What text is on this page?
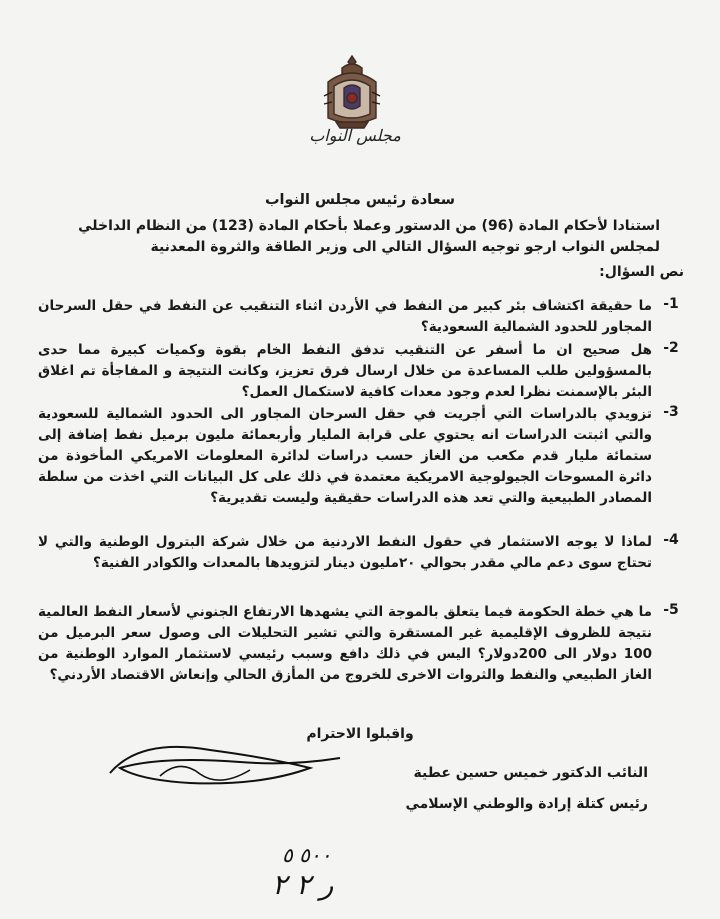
مجلس النواب
سعادة رئيس مجلس النواب
استنادا لأحكام المادة (96) من الدستور وعملا بأحكام المادة (123) من النظام الداخلي لمجلس النواب ارجو توجيه السؤال التالي الى وزير الطاقة والثروة المعدنية
نص السؤال:
-1
ما حقيقة اكتشاف بئر كبير من النفط في الأردن اثناء التنقيب عن النفط في حقل السرحان المجاور للحدود الشمالية السعودية؟
-2
هل صحيح ان ما أسفر عن التنقيب تدفق النفط الخام بقوة وكميات كبيرة مما حدى بالمسؤولين طلب المساعدة من خلال ارسال فرق تعزيز، وكانت النتيجة و المفاجأة تم اغلاق البئر بالإسمنت نظرا لعدم وجود معدات كافية لاستكمال العمل؟
-3
تزويدي بالدراسات التي أجريت في حقل السرحان المجاور الى الحدود الشمالية للسعودية والتي اثبتت الدراسات انه يحتوي على قرابة المليار وأربعمائة مليون برميل نفط إضافة إلى ستمائة مليار قدم مكعب من الغاز حسب دراسات لدائرة المعلومات الامريكي المأخوذة من دائرة المسوحات الجيولوجية الامريكية معتمدة في ذلك على كل البيانات التي اخذت من سلطة المصادر الطبيعية والتي تعد هذه الدراسات حقيقية وليست تقديرية؟
-4
لماذا لا يوجه الاستثمار في حقول النفط الاردنية من خلال شركة البترول الوطنية والتي لا تحتاج سوى دعم مالي مقدر بحوالي ٢٠مليون دينار لتزويدها بالمعدات والكوادر الفنية؟
-5
ما هي خطة الحكومة فيما يتعلق بالموجة التي يشهدها الارتفاع الجنوني لأسعار النفط العالمية نتيجة للظروف الإقليمية غير المستقرة والتي تشير التحليلات الى وصول سعر البرميل من 100 دولار الى 200دولار؟ اليس في ذلك دافع وسبب رئيسي لاستثمار الموارد الوطنية من الغاز الطبيعي والنفط والثروات الاخرى للخروج من المأزق الحالي وإنعاش الاقتصاد الأردني؟
واقبلوا الاحترام
النائب الدكتور خميس حسين عطية
رئيس كتلة إرادة والوطني الإسلامي
٥٠٠ ٥
ر ٢ ٢
